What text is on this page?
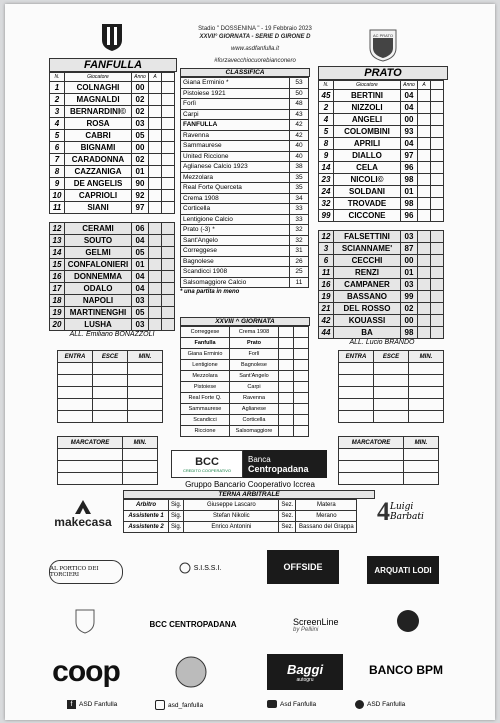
AC PRATO
Stadio " DOSSENINA " - 19 Febbraio 2023
XXVII° GIORNATA - SERIE D GIRONE D
www.asdfanfulla.it
#forzavecchiocuorebianconero
FANFULLA
N.	Giocatore	Anno	A	
1	COLNAGHI	00		
2	MAGNALDI	02		
3	BERNARDINI©	02		
4	ROSA	03		
5	CABRI	05		
6	BIGNAMI	00		
7	CARADONNA	02		
8	CAZZANIGA	01		
9	DE ANGELIS	90		
10	CAPRIOLI	92		
11	SIANI	97		
12	CERAMI	06		
13	SOUTO	04		
14	GELMI	05		
15	CONFALONIERI	01		
16	DONNEMMA	04		
17	ODALO	04		
18	NAPOLI	03		
19	MARTINENGHI	05		
20	LUSHA	03		
ALL. Emiliano BONAZZOLI
CLASSIFICA
Giana Erminio *	53
Pistoiese 1921	50
Forlì	48
Carpi	43
FANFULLA	42
Ravenna	42
Sammaurese	40
United Riccione	40
Aglianese Calcio 1923	38
Mezzolara	35
Real Forte Querceta	35
Crema 1908	34
Corticella	33
Lentigione Calcio	33
Prato (-3) *	32
Sant'Angelo	32
Correggese	31
Bagnolese	26
Scandicci 1908	25
Salsomaggiore Calcio	11
* una partita in meno
PRATO
N.	Giocatore	Anno	A	
45	BERTINI	04		
2	NIZZOLI	04		
4	ANGELI	00		
5	COLOMBINI	93		
8	APRILI	04		
9	DIALLO	97		
14	CELA	96		
23	NICOLI©	98		
24	SOLDANI	01		
32	TROVADE	98		
99	CICCONE	96		
12	FALSETTINI	03		
3	SCIANNAME'	87		
6	CECCHI	00		
11	RENZI	01		
16	CAMPANER	03		
19	BASSANO	99		
21	DEL ROSSO	02		
42	KOUASSI	00		
44	BA	98		
ALL. Lucio BRANDO
XXVIII ^ GIORNATA
Correggese	Crema 1908		
Fanfulla	Prato		
Giana Erminio	Forlì		
Lentigione	Bagnolese		
Mezzolara	Sant'Angelo		
Pistoiese	Carpi		
Real Forte Q.	Ravenna		
Sammaurese	Aglianese		
Scandicci	Corticella		
Riccione	Salsomaggiore		
ENTRA	ESCE	MIN.

MARCATORE	MIN.

ENTRA	ESCE	MIN.

MARCATORE	MIN.

BCC
CREDITO COOPERATIVO
Banca
Centropadana
Gruppo Bancario Cooperativo Iccrea
TERNA ARBITRALE
Arbitro	Sig.	Giuseppe Lascaro	Sez.	Matera
Assistente 1	Sig.	Stefan Nikolic	Sez.	Merano
Assistente 2	Sig.	Enrico Antonini	Sez.	Bassano del Grappa
makecasa	4 Luigi Barbati
AL PORTICO DEI TORCIERI
S.I.S.S.I.	OFFSIDE	ARQUATI LODI
BCC CENTROPADANA	ScreenLine
by Pelliini
coop	Baggi
autogru
BANCO BPM
f	ASD Fanfulla	asd_fanfulla	Asd Fanfulla	ASD Fanfulla
